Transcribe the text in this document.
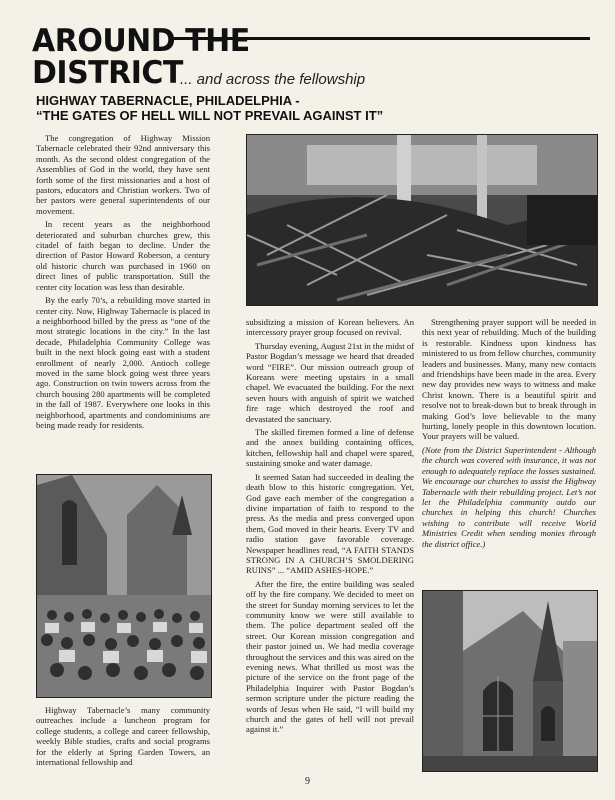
AROUND THE
DISTRICT
... and across the fellowship
HIGHWAY TABERNACLE, PHILADELPHIA -
“THE GATES OF HELL WILL NOT PREVAIL AGAINST IT”

The congregation of Highway Mission Tabernacle celebrated their 92nd anniversary this month. As the second oldest congregation of the Assemblies of God in the world, they have sent forth some of the first missionaries and a host of pastors, educators and Christian workers. Two of her pastors were general superintendents of our movement.

In recent years as the neighborhood deteriorated and suburban churches grew, this citadel of faith began to decline. Under the direction of Pastor Howard Roberson, a century old historic church was purchased in 1960 on direct lines of public transportation. Still the center city location was less than desirable.

By the early 70’s, a rebuilding move started in center city. Now, Highway Tabernacle is placed in a neighborhood billed by the press as “one of the most strategic locations in the city.” In the last decade, Philadelphia Community College was built in the next block going east with a student enrollment of nearly 2,000. Antioch college moved in the same block going west three years ago. Construction on twin towers across from the church housing 280 apartments will be completed in the fall of 1987. Everywhere one looks in this neighborhood, apartments and condominiums are being made ready for residents.

Highway Tabernacle’s many community outreaches include a luncheon program for college students, a college and career fellowship, weekly Bible studies, crafts and social programs for the elderly at Spring Garden Towers, an international fellowship and

subsidizing a mission of Korean believers. An intercessory prayer group focused on revival.

Thursday evening, August 21st in the midst of Pastor Bogdan’s message we heard that dreaded word “FIRE”. Our mission outreach group of Koreans were meeting upstairs in a small chapel. We evacuated the building. For the next seven hours with anguish of spirit we watched fire rage which destroyed the roof and devastated the sanctuary.

The skilled firemen formed a line of defense and the annex building containing offices, kitchen, fellowship hall and chapel were spared, sustaining smoke and water damage.

It seemed Satan had succeeded in dealing the death blow to this historic congregation. Yet, God gave each member of the congregation a divine impartation of faith to respond to the press. As the media and press converged upon them, God moved in their hearts. Every TV and radio station gave favorable coverage. Newspaper headlines read, “A FAITH STANDS STRONG IN A CHURCH’S SMOLDERING RUINS” ... “AMID ASHES-HOPE.”

After the fire, the entire building was sealed off by the fire company. We decided to meet on the street for Sunday morning services to let the community know we were still available to them. The police department sealed off the street. Our Korean mission congregation and their pastor joined us. We had media coverage throughout the services and this was aired on the evening news. What thrilled us most was the picture of the service on the front page of the Philadelphia Inquirer with Pastor Bogdan’s sermon scripture under the picture reading the words of Jesus when He said, “I will build my church and the gates of hell will not prevail against it.”

Strengthening prayer support will be needed in this next year of rebuilding. Much of the building is restorable. Kindness upon kindness has ministered to us from fellow churches, community leaders and businesses. Many, many new contacts and friendships have been made in the area. Every new day provides new ways to witness and make Christ known. There is a beautiful spirit and resolve not to break-down but to break through in making God’s love believable to the many hurting, lonely people in this downtown location. Your prayers will be valued.

(Note from the District Superintendent - Although the church was covered with insurance, it was not enough to adequately replace the losses sustained. We encourage our churches to assist the Highway Tabernacle with their rebuilding project. Let’s not let the Philadelphia community outdo our churches in helping this church! Churches wishing to contribute will receive World Ministries Credit when sending monies through the district office.)

9
